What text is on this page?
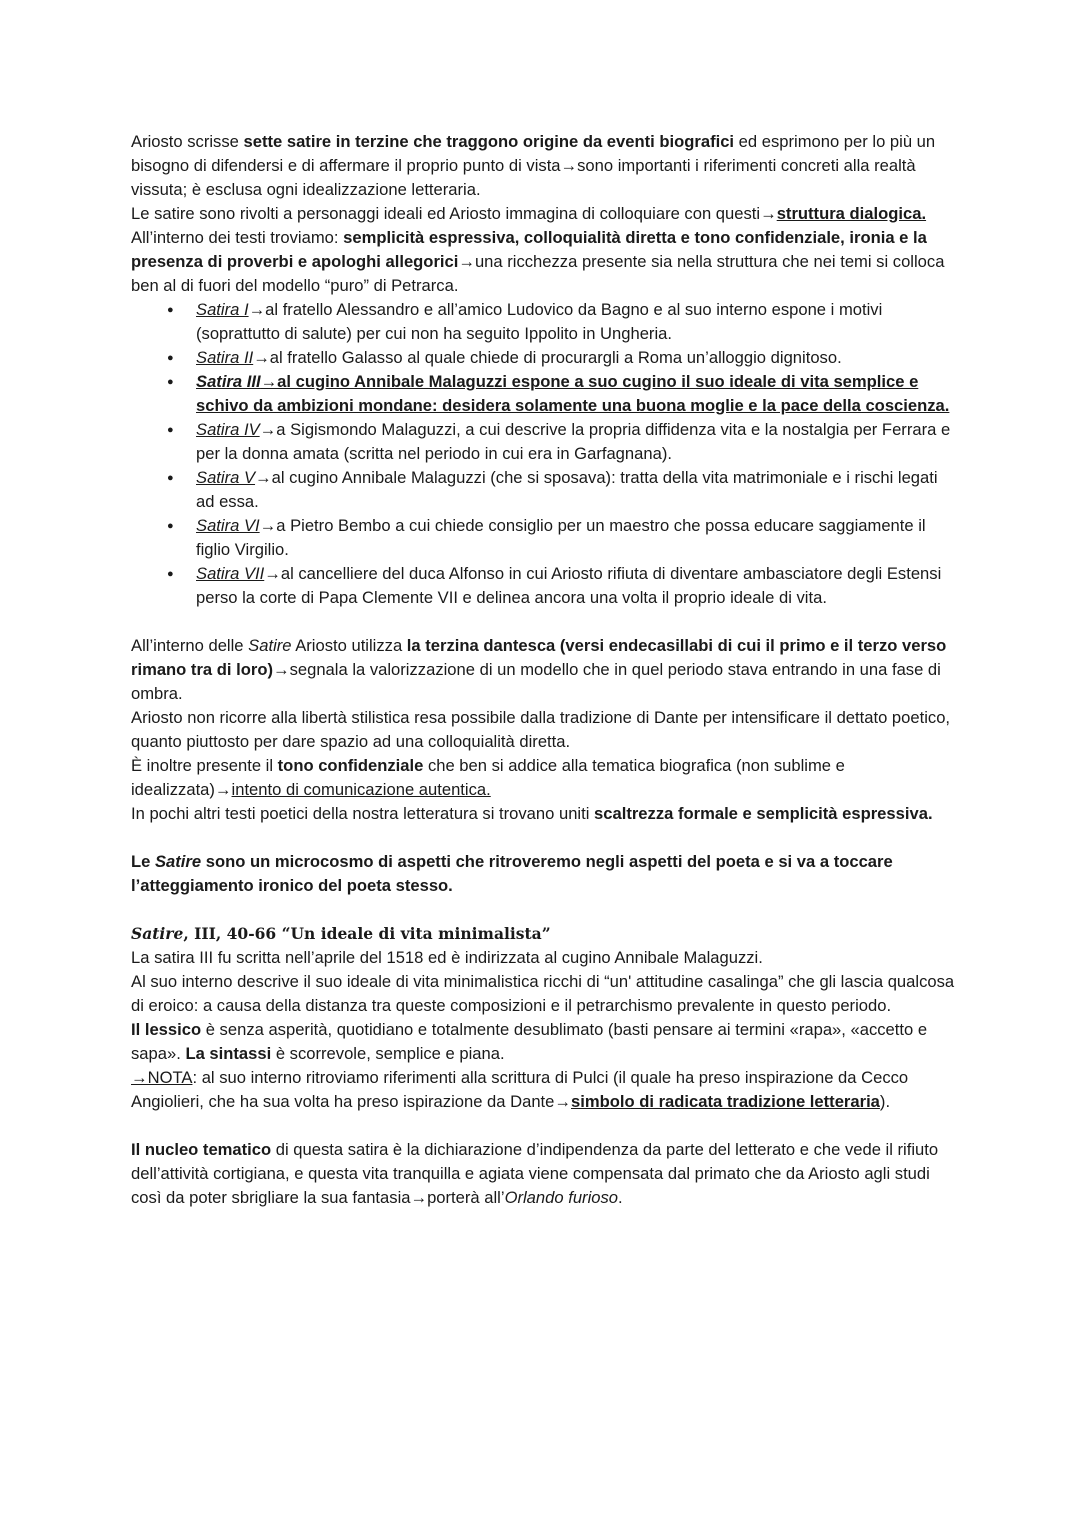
Ariosto scrisse sette satire in terzine che traggono origine da eventi biografici ed esprimono per lo più un bisogno di difendersi e di affermare il proprio punto di vista→sono importanti i riferimenti concreti alla realtà vissuta; è esclusa ogni idealizzazione letteraria.

Le satire sono rivolti a personaggi ideali ed Ariosto immagina di colloquiare con questi→struttura dialogica.

All’interno dei testi troviamo: semplicità espressiva, colloquialità diretta e tono confidenziale, ironia e la presenza di proverbi e apologhi allegorici→una ricchezza presente sia nella struttura che nei temi si colloca ben al di fuori del modello “puro” di Petrarca.

● Satira I→al fratello Alessandro e all’amico Ludovico da Bagno e al suo interno espone i motivi (soprattutto di salute) per cui non ha seguito Ippolito in Ungheria.
● Satira II→al fratello Galasso al quale chiede di procurargli a Roma un’alloggio dignitoso.
● Satira III→al cugino Annibale Malaguzzi espone a suo cugino il suo ideale di vita semplice e schivo da ambizioni mondane: desidera solamente una buona moglie e la pace della coscienza.
● Satira IV→a Sigismondo Malaguzzi, a cui descrive la propria diffidenza vita e la nostalgia per Ferrara e per la donna amata (scritta nel periodo in cui era in Garfagnana).
● Satira V→al cugino Annibale Malaguzzi (che si sposava): tratta della vita matrimoniale e i rischi legati ad essa.
● Satira VI→a Pietro Bembo a cui chiede consiglio per un maestro che possa educare saggiamente il figlio Virgilio.
● Satira VII→al cancelliere del duca Alfonso in cui Ariosto rifiuta di diventare ambasciatore degli Estensi perso la corte di Papa Clemente VII e delinea ancora una volta il proprio ideale di vita.

All’interno delle Satire Ariosto utilizza la terzina dantesca (versi endecasillabi di cui il primo e il terzo verso rimano tra di loro)→segnala la valorizzazione di un modello che in quel periodo stava entrando in una fase di ombra.

Ariosto non ricorre alla libertà stilistica resa possibile dalla tradizione di Dante per intensificare il dettato poetico, quanto piuttosto per dare spazio ad una colloquialità diretta.

È inoltre presente il tono confidenziale che ben si addice alla tematica biografica (non sublime e idealizzata)→intento di comunicazione autentica.

In pochi altri testi poetici della nostra letteratura si trovano uniti scaltrezza formale e semplicità espressiva.

Le Satire sono un microcosmo di aspetti che ritroveremo negli aspetti del poeta e si va a toccare l’atteggiamento ironico del poeta stesso.

Satire, III, 40-66 “Un ideale di vita minimalista”

La satira III fu scritta nell’aprile del 1518 ed è indirizzata al cugino Annibale Malaguzzi.

Al suo interno descrive il suo ideale di vita minimalistica ricchi di “un' attitudine casalinga” che gli lascia qualcosa di eroico: a causa della distanza tra queste composizioni e il petrarchismo prevalente in questo periodo.

Il lessico è senza asperità, quotidiano e totalmente desublimato (basti pensare ai termini «rapa», «accetto e sapa». La sintassi è scorrevole, semplice e piana.

→NOTA: al suo interno ritroviamo riferimenti alla scrittura di Pulci (il quale ha preso inspirazione da Cecco Angiolieri, che ha sua volta ha preso ispirazione da Dante→simbolo di radicata tradizione letteraria).

Il nucleo tematico di questa satira è la dichiarazione d’indipendenza da parte del letterato e che vede il rifiuto dell’attività cortigiana, e questa vita tranquilla e agiata viene compensata dal primato che da Ariosto agli studi così da poter sbrigliare la sua fantasia→porterà all’Orlando furioso.
